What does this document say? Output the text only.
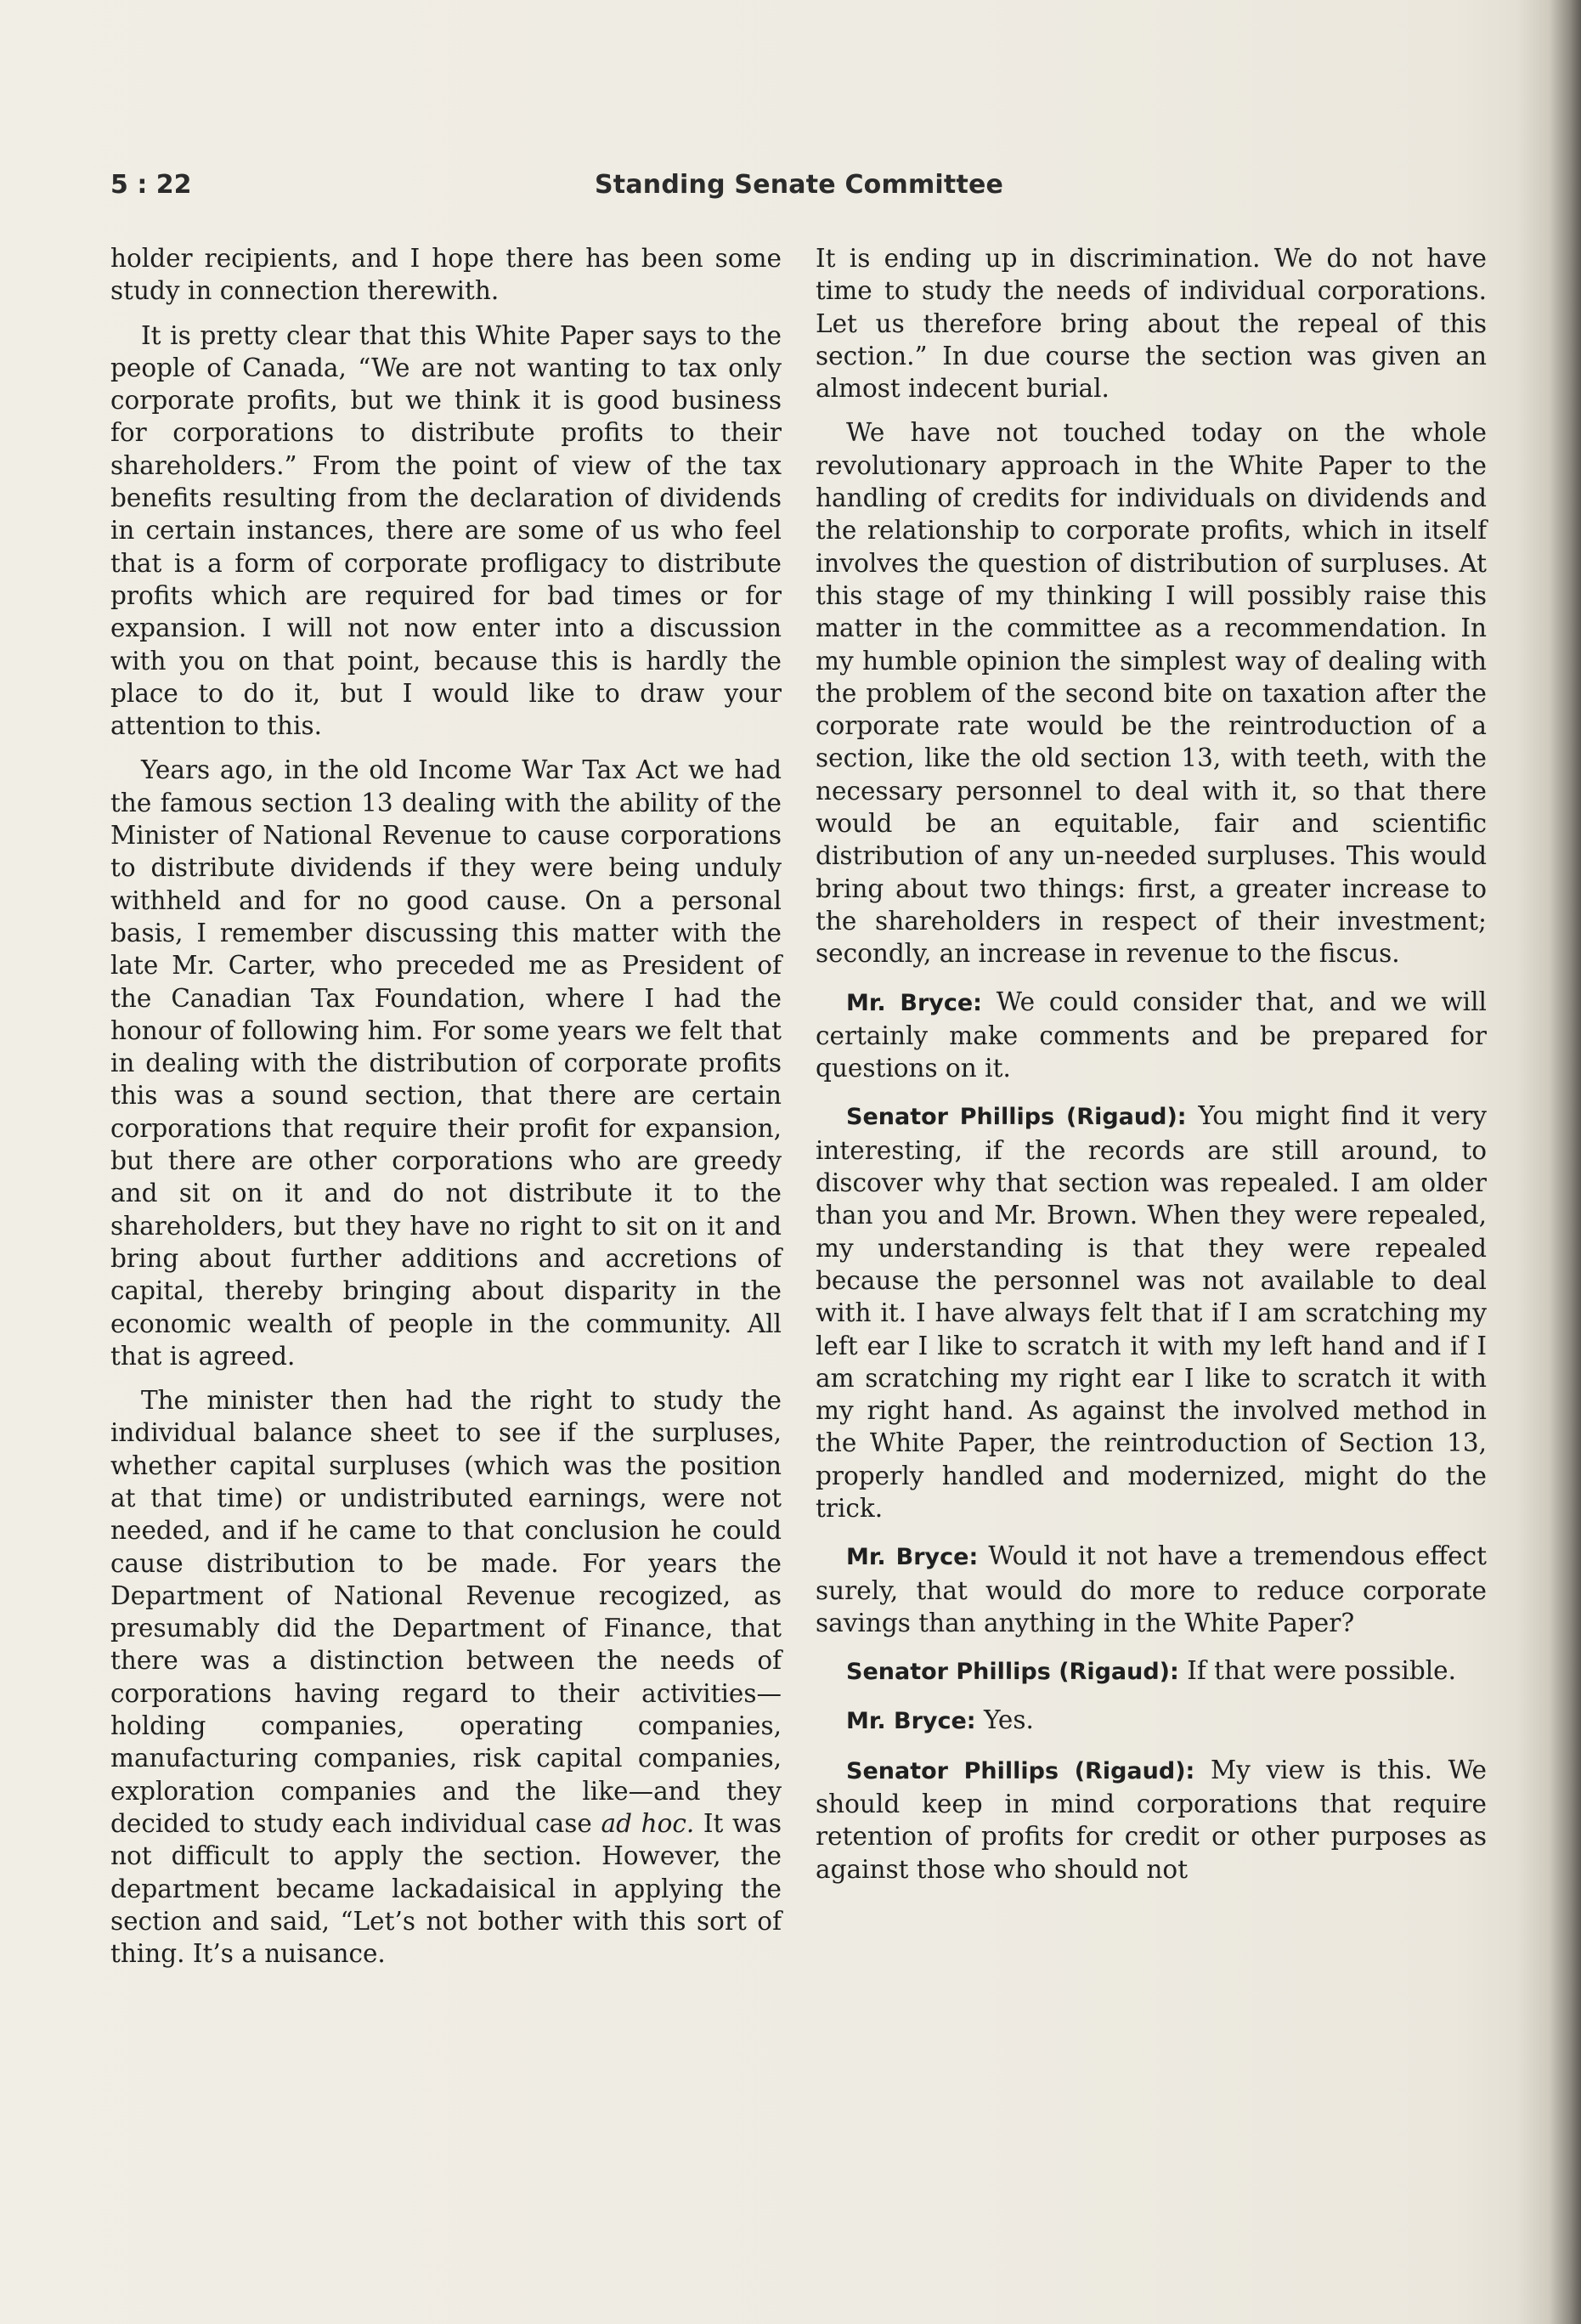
5 : 22	Standing Senate Committee

holder recipients, and I hope there has been some study in connection therewith.

It is pretty clear that this White Paper says to the people of Canada, “We are not wanting to tax only corporate profits, but we think it is good business for corporations to distribute profits to their shareholders.” From the point of view of the tax benefits resulting from the declaration of dividends in certain instances, there are some of us who feel that is a form of corporate profligacy to distribute profits which are required for bad times or for expansion. I will not now enter into a discussion with you on that point, because this is hardly the place to do it, but I would like to draw your attention to this.

Years ago, in the old Income War Tax Act we had the famous section 13 dealing with the ability of the Minister of National Revenue to cause corporations to distribute dividends if they were being unduly withheld and for no good cause. On a personal basis, I remember discussing this matter with the late Mr. Carter, who preceded me as President of the Canadian Tax Foundation, where I had the honour of following him. For some years we felt that in dealing with the distribution of corporate profits this was a sound section, that there are certain corporations that require their profit for expansion, but there are other corporations who are greedy and sit on it and do not distribute it to the shareholders, but they have no right to sit on it and bring about further additions and accretions of capital, thereby bringing about disparity in the economic wealth of people in the community. All that is agreed.

The minister then had the right to study the individual balance sheet to see if the surpluses, whether capital surpluses (which was the position at that time) or undistributed earnings, were not needed, and if he came to that conclusion he could cause distribution to be made. For years the Department of National Revenue recogized, as presumably did the Department of Finance, that there was a distinction between the needs of corporations having regard to their activities—holding companies, operating companies, manufacturing companies, risk capital companies, exploration companies and the like—and they decided to study each individual case ad hoc. It was not difficult to apply the section. However, the department became lackadaisical in applying the section and said, “Let’s not bother with this sort of thing. It’s a nuisance.

It is ending up in discrimination. We do not have time to study the needs of individual corporations. Let us therefore bring about the repeal of this section.” In due course the section was given an almost indecent burial.

We have not touched today on the whole revolutionary approach in the White Paper to the handling of credits for individuals on dividends and the relationship to corporate profits, which in itself involves the question of distribution of surpluses. At this stage of my thinking I will possibly raise this matter in the committee as a recommendation. In my humble opinion the simplest way of dealing with the problem of the second bite on taxation after the corporate rate would be the reintroduction of a section, like the old section 13, with teeth, with the necessary personnel to deal with it, so that there would be an equitable, fair and scientific distribution of any un-needed surpluses. This would bring about two things: first, a greater increase to the shareholders in respect of their investment; secondly, an increase in revenue to the fiscus.

Mr. Bryce: We could consider that, and we will certainly make comments and be prepared for questions on it.

Senator Phillips (Rigaud): You might find it very interesting, if the records are still around, to discover why that section was repealed. I am older than you and Mr. Brown. When they were repealed, my understanding is that they were repealed because the personnel was not available to deal with it. I have always felt that if I am scratching my left ear I like to scratch it with my left hand and if I am scratching my right ear I like to scratch it with my right hand. As against the involved method in the White Paper, the reintroduction of Section 13, properly handled and modernized, might do the trick.

Mr. Bryce: Would it not have a tremendous effect surely, that would do more to reduce corporate savings than anything in the White Paper?

Senator Phillips (Rigaud): If that were possible.

Mr. Bryce: Yes.

Senator Phillips (Rigaud): My view is this. We should keep in mind corporations that require retention of profits for credit or other purposes as against those who should not
